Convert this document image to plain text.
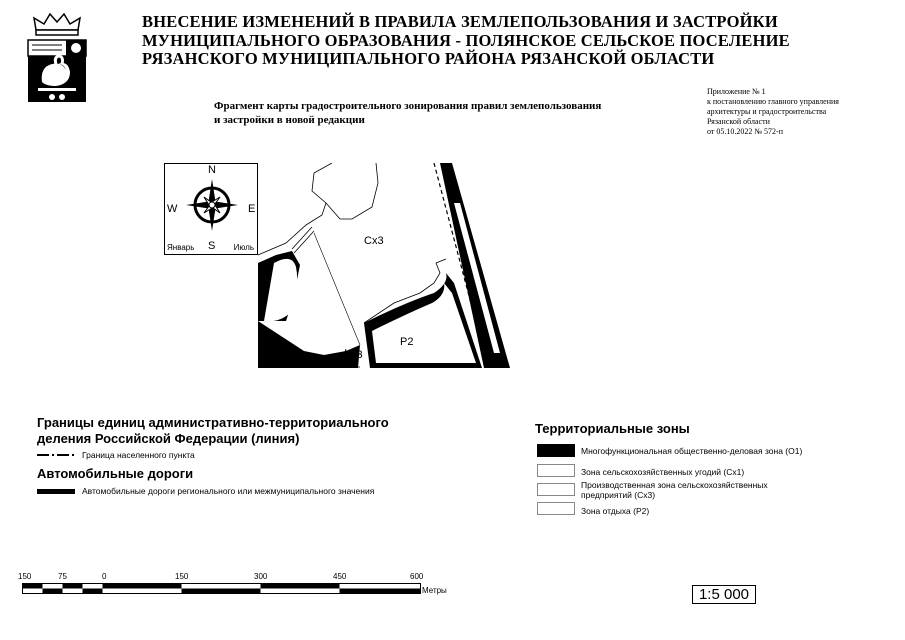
ВНЕСЕНИЕ ИЗМЕНЕНИЙ В ПРАВИЛА ЗЕМЛЕПОЛЬЗОВАНИЯ И ЗАСТРОЙКИ
МУНИЦИПАЛЬНОГО ОБРАЗОВАНИЯ - ПОЛЯНСКОЕ СЕЛЬСКОЕ ПОСЕЛЕНИЕ
РЯЗАНСКОГО МУНИЦИПАЛЬНОГО РАЙОНА РЯЗАНСКОЙ ОБЛАСТИ
Фрагмент карты градостроительного зонирования правил землепользования
и застройки в новой редакции
Приложение № 1
к постановлению главного управления
архитектуры и градостроительства
Рязанской области
от 05.10.2022 № 572-п
Сх3
Сх3
Р2
N
S
W	E
Январь	Июль
Границы единиц административно-территориального
деления Российской Федерации (линия)
Граница населенного пункта
Автомобильные дороги
Автомобильные дороги регионального или межмуниципального значения
Территориальные зоны
Многофункциональная общественно-деловая зона (О1)
Зона сельскохозяйственных угодий (Сх1)
Производственная зона сельскохозяйственных
предприятий (Сх3)
Зона отдыха (Р2)
150	75	0	150	300	450	600
Метры	1:5 000
